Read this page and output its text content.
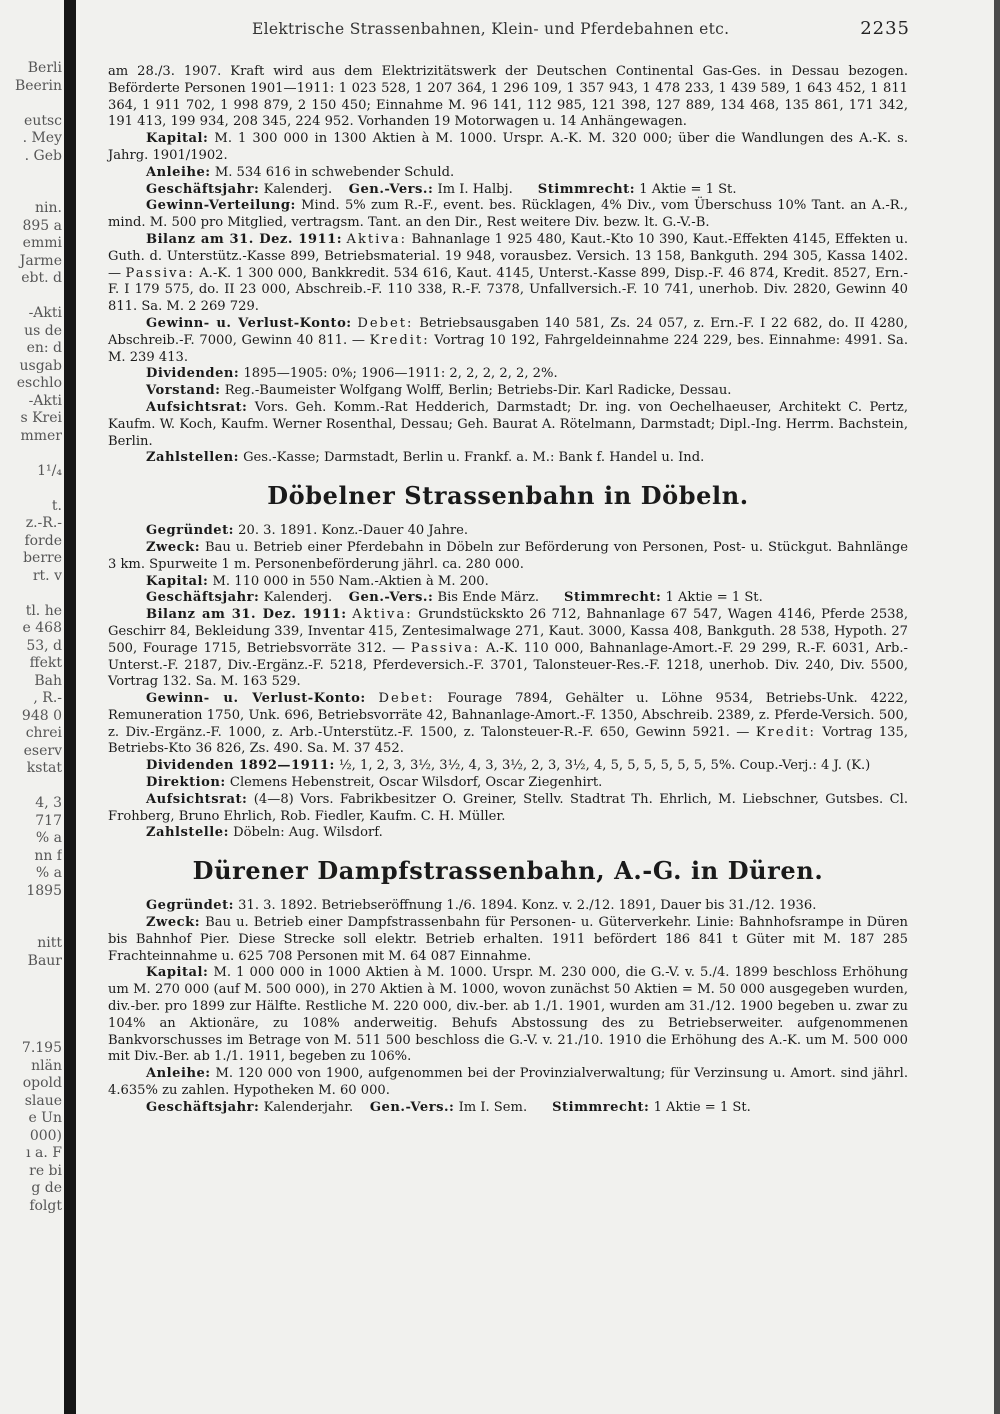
Berli
Beerin
eutsc
. Mey
. Geb
nin.
895 a
emmi
Jarme
ebt. d
-Akti
us de
en: d
usgab
eschlo
-Akti
s Krei
mmer
1¹/₄
t.
z.-R.-
forde
berre
rt. v
tl. he
e 468
53, d
ffekt
Bah
, R.-
948 0
chrei
eserv
kstat
4, 3
717
% a
nn f
% a
1895
nitt
Baur
7.195
nlän
opold
slaue
e Un
000)
ı a. F
re bi
g de
folgt
Elektrische Strassenbahnen, Klein- und Pferdebahnen etc.	2235

am 28./3. 1907. Kraft wird aus dem Elektrizitätswerk der Deutschen Continental Gas-Ges. in Dessau bezogen. Beförderte Personen 1901—1911: 1 023 528, 1 207 364, 1 296 109, 1 357 943, 1 478 233, 1 439 589, 1 643 452, 1 811 364, 1 911 702, 1 998 879, 2 150 450; Einnahme M. 96 141, 112 985, 121 398, 127 889, 134 468, 135 861, 171 342, 191 413, 199 934, 208 345, 224 952. Vorhanden 19 Motorwagen u. 14 Anhängewagen.

Kapital: M. 1 300 000 in 1300 Aktien à M. 1000. Urspr. A.-K. M. 320 000; über die Wandlungen des A.-K. s. Jahrg. 1901/1902.

Anleihe: M. 534 616 in schwebender Schuld.

Geschäftsjahr: Kalenderj. Gen.-Vers.: Im I. Halbj. Stimmrecht: 1 Aktie = 1 St.

Gewinn-Verteilung: Mind. 5% zum R.-F., event. bes. Rücklagen, 4% Div., vom Überschuss 10% Tant. an A.-R., mind. M. 500 pro Mitglied, vertragsm. Tant. an den Dir., Rest weitere Div. bezw. lt. G.-V.-B.

Bilanz am 31. Dez. 1911: Aktiva: Bahnanlage 1 925 480, Kaut.-Kto 10 390, Kaut.-Effekten 4145, Effekten u. Guth. d. Unterstütz.-Kasse 899, Betriebsmaterial. 19 948, vorausbez. Versich. 13 158, Bankguth. 294 305, Kassa 1402. — Passiva: A.-K. 1 300 000, Bankkredit. 534 616, Kaut. 4145, Unterst.-Kasse 899, Disp.-F. 46 874, Kredit. 8527, Ern.-F. I 179 575, do. II 23 000, Abschreib.-F. 110 338, R.-F. 7378, Unfallversich.-F. 10 741, unerhob. Div. 2820, Gewinn 40 811. Sa. M. 2 269 729.

Gewinn- u. Verlust-Konto: Debet: Betriebsausgaben 140 581, Zs. 24 057, z. Ern.-F. I 22 682, do. II 4280, Abschreib.-F. 7000, Gewinn 40 811. — Kredit: Vortrag 10 192, Fahrgeldeinnahme 224 229, bes. Einnahme: 4991. Sa. M. 239 413.

Dividenden: 1895—1905: 0%; 1906—1911: 2, 2, 2, 2, 2, 2%.

Vorstand: Reg.-Baumeister Wolfgang Wolff, Berlin; Betriebs-Dir. Karl Radicke, Dessau.

Aufsichtsrat: Vors. Geh. Komm.-Rat Hedderich, Darmstadt; Dr. ing. von Oechelhaeuser, Architekt C. Pertz, Kaufm. W. Koch, Kaufm. Werner Rosenthal, Dessau; Geh. Baurat A. Rötelmann, Darmstadt; Dipl.-Ing. Herrm. Bachstein, Berlin.

Zahlstellen: Ges.-Kasse; Darmstadt, Berlin u. Frankf. a. M.: Bank f. Handel u. Ind.

Döbelner Strassenbahn in Döbeln.

Gegründet: 20. 3. 1891. Konz.-Dauer 40 Jahre.

Zweck: Bau u. Betrieb einer Pferdebahn in Döbeln zur Beförderung von Personen, Post- u. Stückgut. Bahnlänge 3 km. Spurweite 1 m. Personenbeförderung jährl. ca. 280 000.

Kapital: M. 110 000 in 550 Nam.-Aktien à M. 200.

Geschäftsjahr: Kalenderj. Gen.-Vers.: Bis Ende März. Stimmrecht: 1 Aktie = 1 St.

Bilanz am 31. Dez. 1911: Aktiva: Grundstückskto 26 712, Bahnanlage 67 547, Wagen 4146, Pferde 2538, Geschirr 84, Bekleidung 339, Inventar 415, Zentesimalwage 271, Kaut. 3000, Kassa 408, Bankguth. 28 538, Hypoth. 27 500, Fourage 1715, Betriebsvorräte 312. — Passiva: A.-K. 110 000, Bahnanlage-Amort.-F. 29 299, R.-F. 6031, Arb.-Unterst.-F. 2187, Div.-Ergänz.-F. 5218, Pferdeversich.-F. 3701, Talonsteuer-Res.-F. 1218, unerhob. Div. 240, Div. 5500, Vortrag 132. Sa. M. 163 529.

Gewinn- u. Verlust-Konto: Debet: Fourage 7894, Gehälter u. Löhne 9534, Betriebs-Unk. 4222, Remuneration 1750, Unk. 696, Betriebsvorräte 42, Bahnanlage-Amort.-F. 1350, Abschreib. 2389, z. Pferde-Versich. 500, z. Div.-Ergänz.-F. 1000, z. Arb.-Unterstütz.-F. 1500, z. Talonsteuer-R.-F. 650, Gewinn 5921. — Kredit: Vortrag 135, Betriebs-Kto 36 826, Zs. 490. Sa. M. 37 452.

Dividenden 1892—1911: ½, 1, 2, 3, 3½, 3½, 4, 3, 3½, 2, 3, 3½, 4, 5, 5, 5, 5, 5, 5, 5%. Coup.-Verj.: 4 J. (K.)

Direktion: Clemens Hebenstreit, Oscar Wilsdorf, Oscar Ziegenhirt.

Aufsichtsrat: (4—8) Vors. Fabrikbesitzer O. Greiner, Stellv. Stadtrat Th. Ehrlich, M. Liebschner, Gutsbes. Cl. Frohberg, Bruno Ehrlich, Rob. Fiedler, Kaufm. C. H. Müller.

Zahlstelle: Döbeln: Aug. Wilsdorf.

Dürener Dampfstrassenbahn, A.-G. in Düren.

Gegründet: 31. 3. 1892. Betriebseröffnung 1./6. 1894. Konz. v. 2./12. 1891, Dauer bis 31./12. 1936.

Zweck: Bau u. Betrieb einer Dampfstrassenbahn für Personen- u. Güterverkehr. Linie: Bahnhofsrampe in Düren bis Bahnhof Pier. Diese Strecke soll elektr. Betrieb erhalten. 1911 befördert 186 841 t Güter mit M. 187 285 Frachteinnahme u. 625 708 Personen mit M. 64 087 Einnahme.

Kapital: M. 1 000 000 in 1000 Aktien à M. 1000. Urspr. M. 230 000, die G.-V. v. 5./4. 1899 beschloss Erhöhung um M. 270 000 (auf M. 500 000), in 270 Aktien à M. 1000, wovon zunächst 50 Aktien = M. 50 000 ausgegeben wurden, div.-ber. pro 1899 zur Hälfte. Restliche M. 220 000, div.-ber. ab 1./1. 1901, wurden am 31./12. 1900 begeben u. zwar zu 104% an Aktionäre, zu 108% anderweitig. Behufs Abstossung des zu Betriebserweiter. aufgenommenen Bankvorschusses im Betrage von M. 511 500 beschloss die G.-V. v. 21./10. 1910 die Erhöhung des A.-K. um M. 500 000 mit Div.-Ber. ab 1./1. 1911, begeben zu 106%.

Anleihe: M. 120 000 von 1900, aufgenommen bei der Provinzialverwaltung; für Verzinsung u. Amort. sind jährl. 4.635% zu zahlen. Hypotheken M. 60 000.

Geschäftsjahr: Kalenderjahr. Gen.-Vers.: Im I. Sem. Stimmrecht: 1 Aktie = 1 St.
